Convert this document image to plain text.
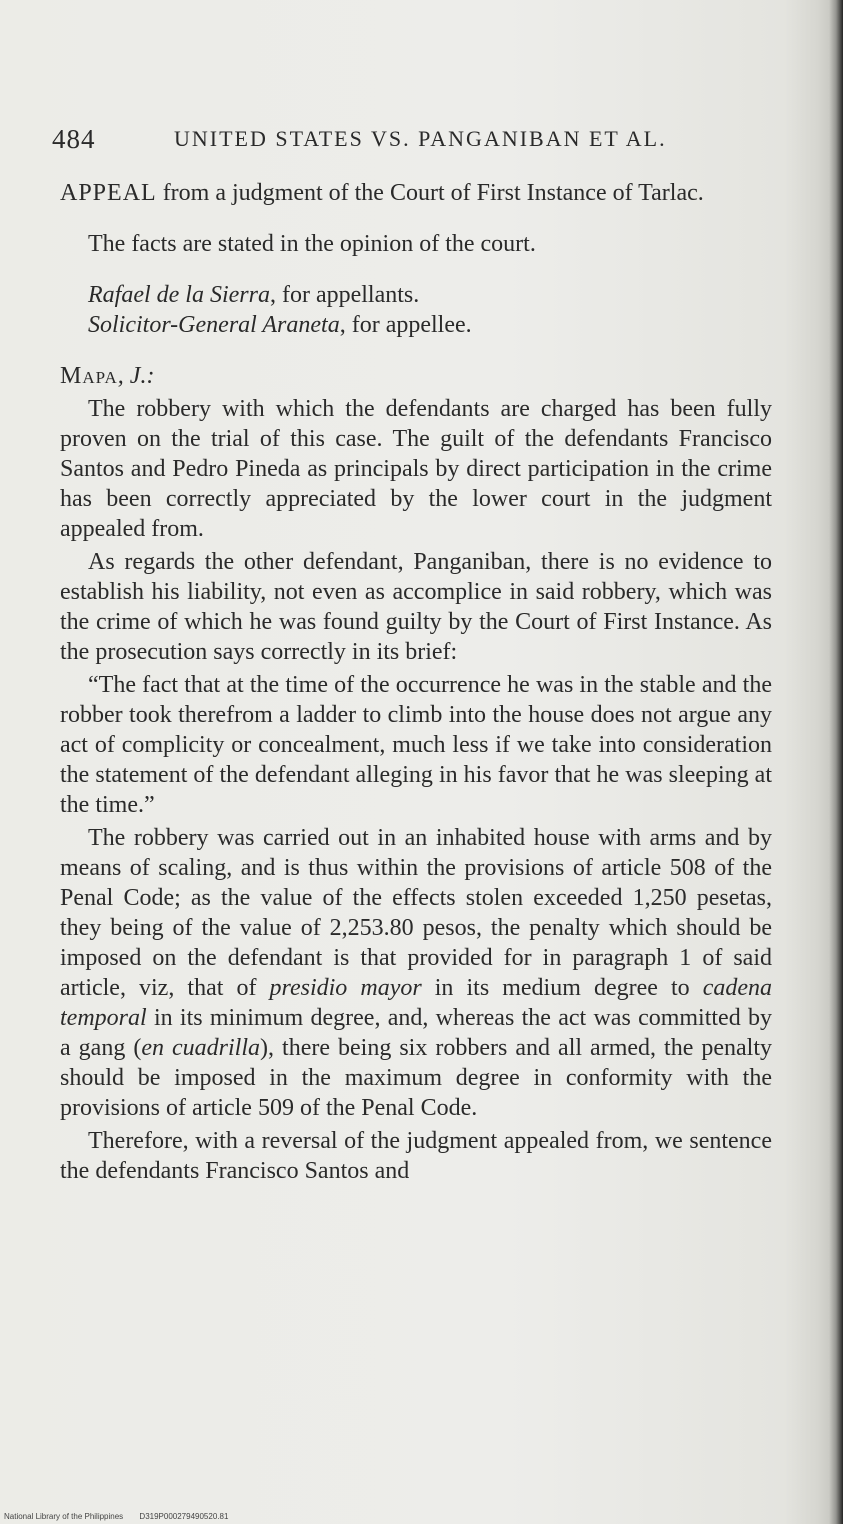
484	UNITED STATES VS. PANGANIBAN ET AL.

APPEAL from a judgment of the Court of First Instance of Tarlac.

The facts are stated in the opinion of the court.

Rafael de la Sierra, for appellants.

Solicitor-General Araneta, for appellee.

Mapa, J.:

The robbery with which the defendants are charged has been fully proven on the trial of this case. The guilt of the defendants Francisco Santos and Pedro Pineda as principals by direct participation in the crime has been correctly appreciated by the lower court in the judgment appealed from.

As regards the other defendant, Panganiban, there is no evidence to establish his liability, not even as accomplice in said robbery, which was the crime of which he was found guilty by the Court of First Instance. As the prosecution says correctly in its brief:

“The fact that at the time of the occurrence he was in the stable and the robber took therefrom a ladder to climb into the house does not argue any act of complicity or concealment, much less if we take into consideration the statement of the defendant alleging in his favor that he was sleeping at the time.”

The robbery was carried out in an inhabited house with arms and by means of scaling, and is thus within the provisions of article 508 of the Penal Code; as the value of the effects stolen exceeded 1,250 pesetas, they being of the value of 2,253.80 pesos, the penalty which should be imposed on the defendant is that provided for in paragraph 1 of said article, viz, that of presidio mayor in its medium degree to cadena temporal in its minimum degree, and, whereas the act was committed by a gang (en cuadrilla), there being six robbers and all armed, the penalty should be imposed in the maximum degree in conformity with the provisions of article 509 of the Penal Code.

Therefore, with a reversal of the judgment appealed from, we sentence the defendants Francisco Santos and

National Library of the Philippines D319P000279490520.81
